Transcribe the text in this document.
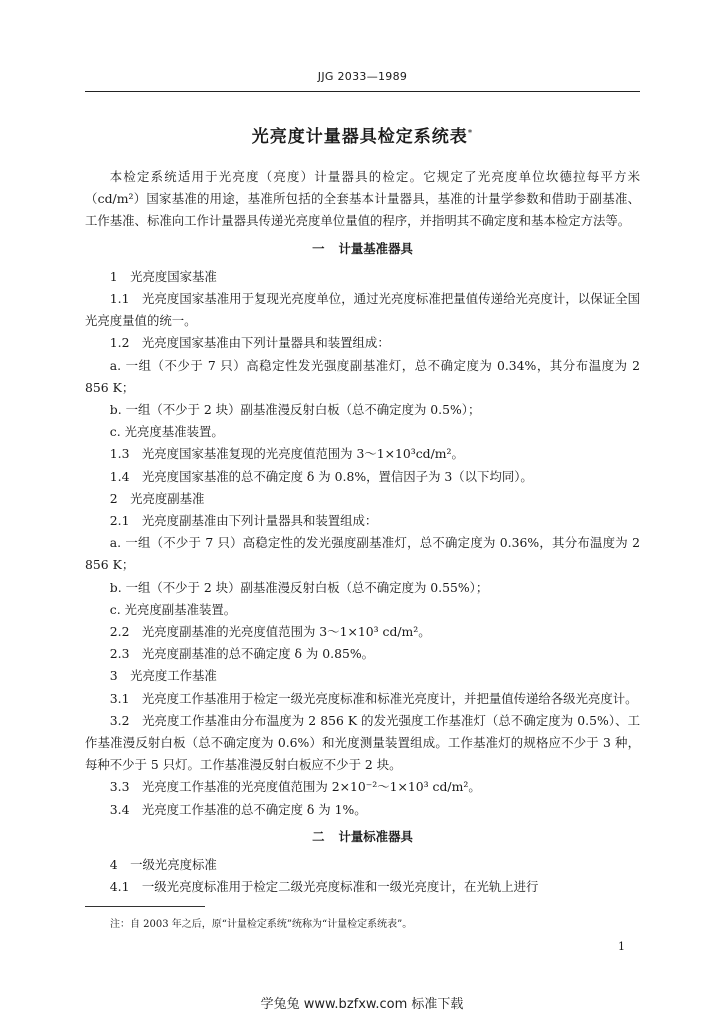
JJG 2033—1989
光亮度计量器具检定系统表*

本检定系统适用于光亮度（亮度）计量器具的检定。它规定了光亮度单位坎德拉每平方米（cd/m²）国家基准的用途，基准所包括的全套基本计量器具，基准的计量学参数和借助于副基准、工作基准、标准向工作计量器具传递光亮度单位量值的程序，并指明其不确定度和基本检定方法等。

一 计量基准器具

1　光亮度国家基准

1.1　光亮度国家基准用于复现光亮度单位，通过光亮度标准把量值传递给光亮度计，以保证全国光亮度量值的统一。

1.2　光亮度国家基准由下列计量器具和装置组成：

a. 一组（不少于 7 只）高稳定性发光强度副基准灯，总不确定度为 0.34%，其分布温度为 2 856 K；

b. 一组（不少于 2 块）副基准漫反射白板（总不确定度为 0.5%）；

c. 光亮度基准装置。

1.3　光亮度国家基准复现的光亮度值范围为 3～1×10³cd/m²。

1.4　光亮度国家基准的总不确定度 δ 为 0.8%，置信因子为 3（以下均同）。

2　光亮度副基准

2.1　光亮度副基准由下列计量器具和装置组成：

a. 一组（不少于 7 只）高稳定性的发光强度副基准灯，总不确定度为 0.36%，其分布温度为 2 856 K；

b. 一组（不少于 2 块）副基准漫反射白板（总不确定度为 0.55%）；

c. 光亮度副基准装置。

2.2　光亮度副基准的光亮度值范围为 3～1×10³ cd/m²。

2.3　光亮度副基准的总不确定度 δ 为 0.85%。

3　光亮度工作基准

3.1　光亮度工作基准用于检定一级光亮度标准和标准光亮度计，并把量值传递给各级光亮度计。

3.2　光亮度工作基准由分布温度为 2 856 K 的发光强度工作基准灯（总不确定度为 0.5%）、工作基准漫反射白板（总不确定度为 0.6%）和光度测量装置组成。工作基准灯的规格应不少于 3 种，每种不少于 5 只灯。工作基准漫反射白板应不少于 2 块。

3.3　光亮度工作基准的光亮度值范围为 2×10⁻²～1×10³ cd/m²。

3.4　光亮度工作基准的总不确定度 δ 为 1%。

二 计量标准器具

4　一级光亮度标准

4.1　一级光亮度标准用于检定二级光亮度标准和一级光亮度计，在光轨上进行

注：自 2003 年之后，原“计量检定系统”统称为“计量检定系统表”。
1
学兔兔 www.bzfxw.com 标准下载
